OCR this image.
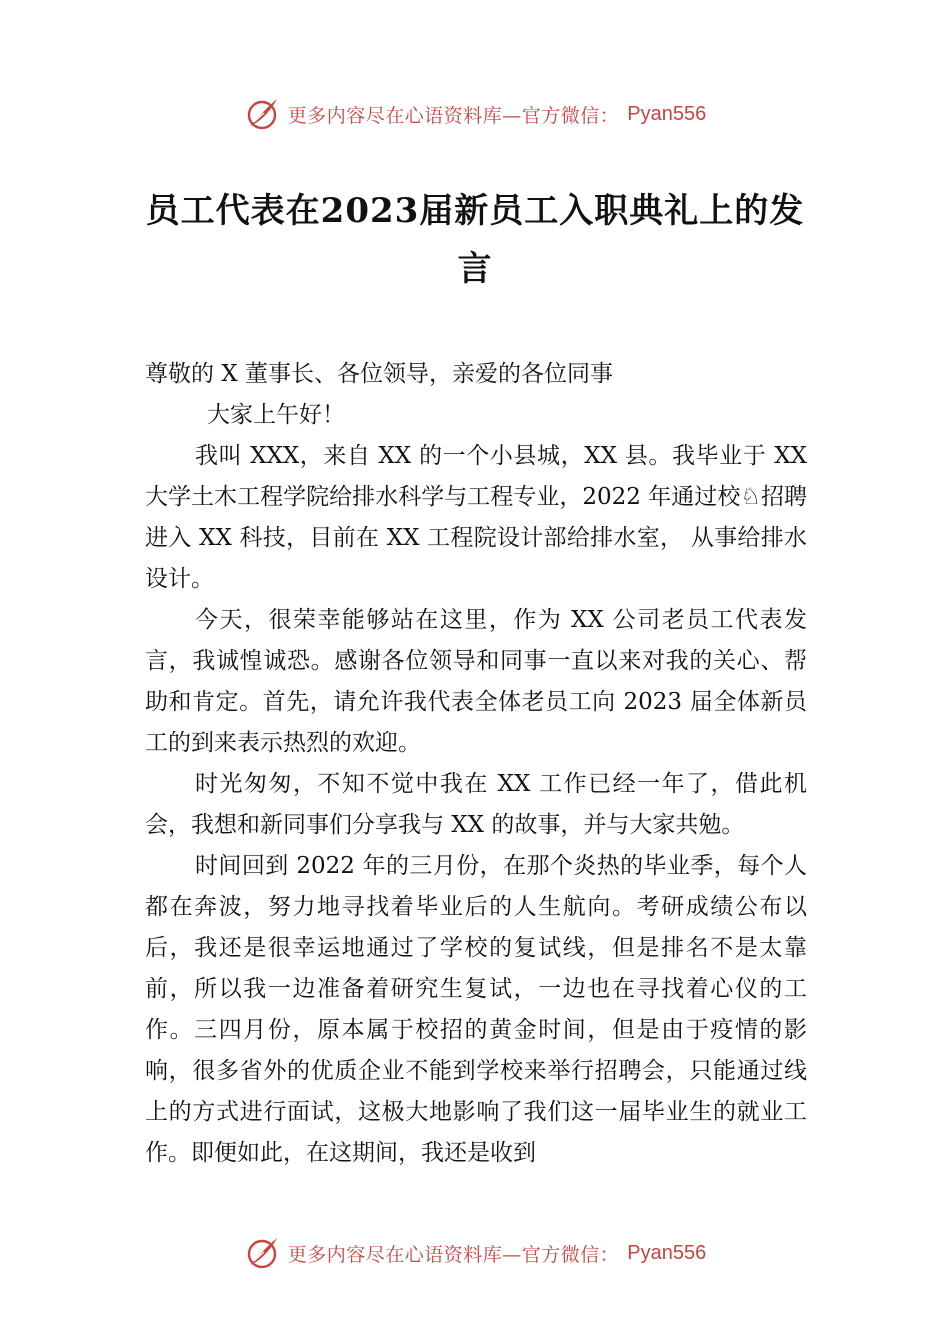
更多内容尽在心语资料库—官方微信： Pyan556
员工代表在2023届新员工入职典礼上的发言

尊敬的 X 董事长、各位领导，亲爱的各位同事

大家上午好！

我叫 XXX，来自 XX 的一个小县城，XX 县。我毕业于 XX 大学土木工程学院给排水科学与工程专业，2022 年通过校♘招聘进入 XX 科技，目前在 XX 工程院设计部给排水室， 从事给排水设计。

今天，很荣幸能够站在这里，作为 XX 公司老员工代表发言，我诚惶诚恐。感谢各位领导和同事一直以来对我的关心、帮助和肯定。首先，请允许我代表全体老员工向 2023 届全体新员工的到来表示热烈的欢迎。

时光匆匆，不知不觉中我在 XX 工作已经一年了，借此机会，我想和新同事们分享我与 XX 的故事，并与大家共勉。

时间回到 2022 年的三月份，在那个炎热的毕业季，每个人都在奔波，努力地寻找着毕业后的人生航向。考研成绩公布以后，我还是很幸运地通过了学校的复试线，但是排名不是太靠前，所以我一边准备着研究生复试，一边也在寻找着心仪的工作。三四月份，原本属于校招的黄金时间，但是由于疫情的影响，很多省外的优质企业不能到学校来举行招聘会，只能通过线上的方式进行面试，这极大地影响了我们这一届毕业生的就业工作。即便如此，在这期间，我还是收到

更多内容尽在心语资料库—官方微信： Pyan556
